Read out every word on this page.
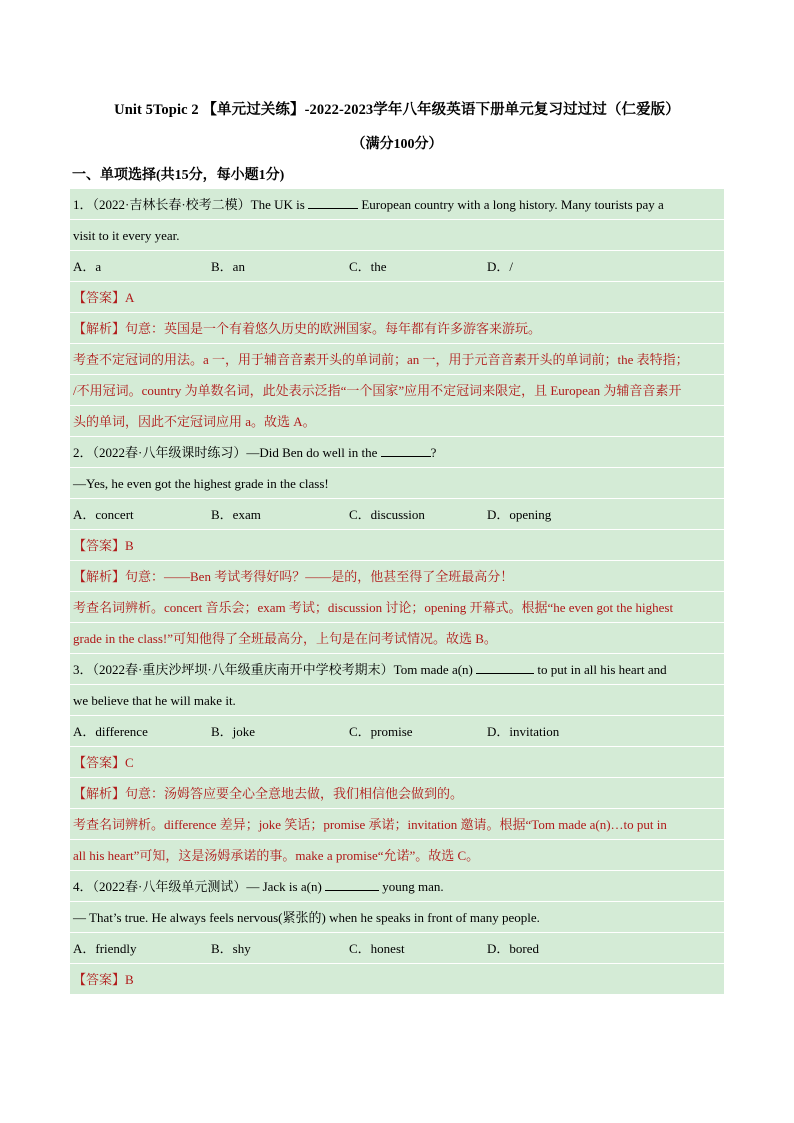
Unit 5Topic 2 【单元过关练】-2022-2023学年八年级英语下册单元复习过过过（仁爱版）
（满分100分）
一、单项选择(共15分，每小题1分)
1．（2022·吉林长春·校考二模）The UK is	European country with a long history. Many tourists pay a
visit to it every year.
A．a	B．an	C．the	D．/
【答案】A
【解析】句意：英国是一个有着悠久历史的欧洲国家。每年都有许多游客来游玩。
考查不定冠词的用法。a 一，用于辅音音素开头的单词前；an 一，用于元音音素开头的单词前；the 表特指；
/不用冠词。country 为单数名词，此处表示泛指“一个国家”应用不定冠词来限定，且 European 为辅音音素开
头的单词，因此不定冠词应用 a。故选 A。
2．（2022春·八年级课时练习）—Did Ben do well in the	?
—Yes, he even got the highest grade in the class!
A．concert	B．exam	C．discussion	D．opening
【答案】B
【解析】句意：——Ben 考试考得好吗？——是的，他甚至得了全班最高分！
考查名词辨析。concert 音乐会；exam 考试；discussion 讨论；opening 开幕式。根据“he even got the highest
grade in the class!”可知他得了全班最高分，上句是在问考试情况。故选 B。
3．（2022春·重庆沙坪坝·八年级重庆南开中学校考期末）Tom made a(n)	to put in all his heart and
we believe that he will make it.
A．difference	B．joke	C．promise	D．invitation
【答案】C
【解析】句意：汤姆答应要全心全意地去做，我们相信他会做到的。
考查名词辨析。difference 差异；joke 笑话；promise 承诺；invitation 邀请。根据“Tom made a(n)…to put in
all his heart”可知，这是汤姆承诺的事。make a promise“允诺”。故选 C。
4．（2022春·八年级单元测试）— Jack is a(n)	young man.
— That’s true. He always feels nervous(紧张的) when he speaks in front of many people.
A．friendly	B．shy	C．honest	D．bored
【答案】B
